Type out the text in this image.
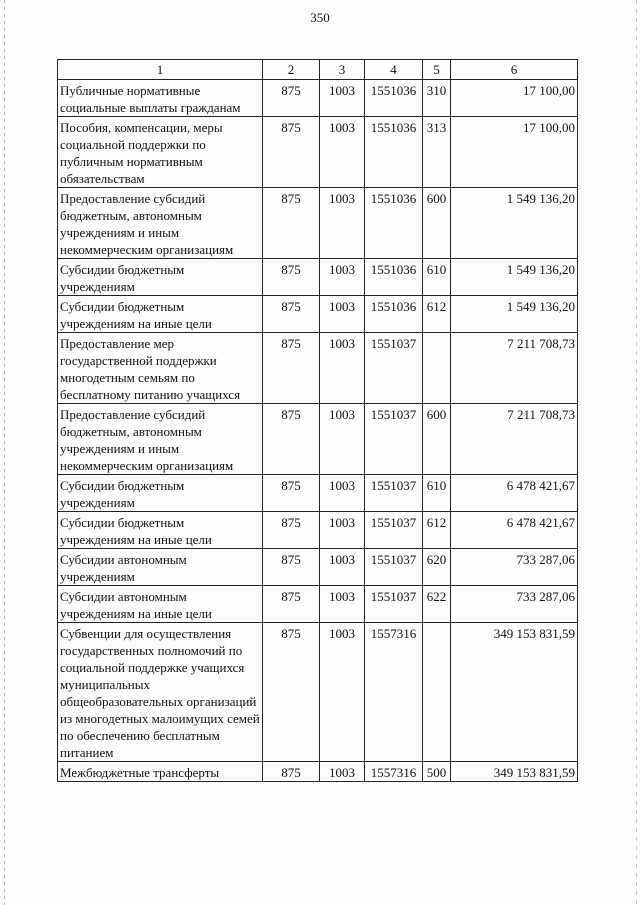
350
1	2	3	4	5	6
Публичные нормативные социальные выплаты гражданам	875	1003	1551036	310	17 100,00
Пособия, компенсации, меры социальной поддержки по публичным нормативным обязательствам	875	1003	1551036	313	17 100,00
Предоставление субсидий бюджетным, автономным учреждениям и иным некоммерческим организациям	875	1003	1551036	600	1 549 136,20
Субсидии бюджетным учреждениям	875	1003	1551036	610	1 549 136,20
Субсидии бюджетным учреждениям на иные цели	875	1003	1551036	612	1 549 136,20
Предоставление мер государственной поддержки многодетным семьям по бесплатному питанию учащихся	875	1003	1551037		7 211 708,73
Предоставление субсидий бюджетным, автономным учреждениям и иным некоммерческим организациям	875	1003	1551037	600	7 211 708,73
Субсидии бюджетным учреждениям	875	1003	1551037	610	6 478 421,67
Субсидии бюджетным учреждениям на иные цели	875	1003	1551037	612	6 478 421,67
Субсидии автономным учреждениям	875	1003	1551037	620	733 287,06
Субсидии автономным учреждениям на иные цели	875	1003	1551037	622	733 287,06
Субвенции для осуществления государственных полномочий по социальной поддержке учащихся муниципальных общеобразовательных организаций из многодетных малоимущих семей по обеспечению бесплатным питанием	875	1003	1557316		349 153 831,59
Межбюджетные трансферты	875	1003	1557316	500	349 153 831,59
